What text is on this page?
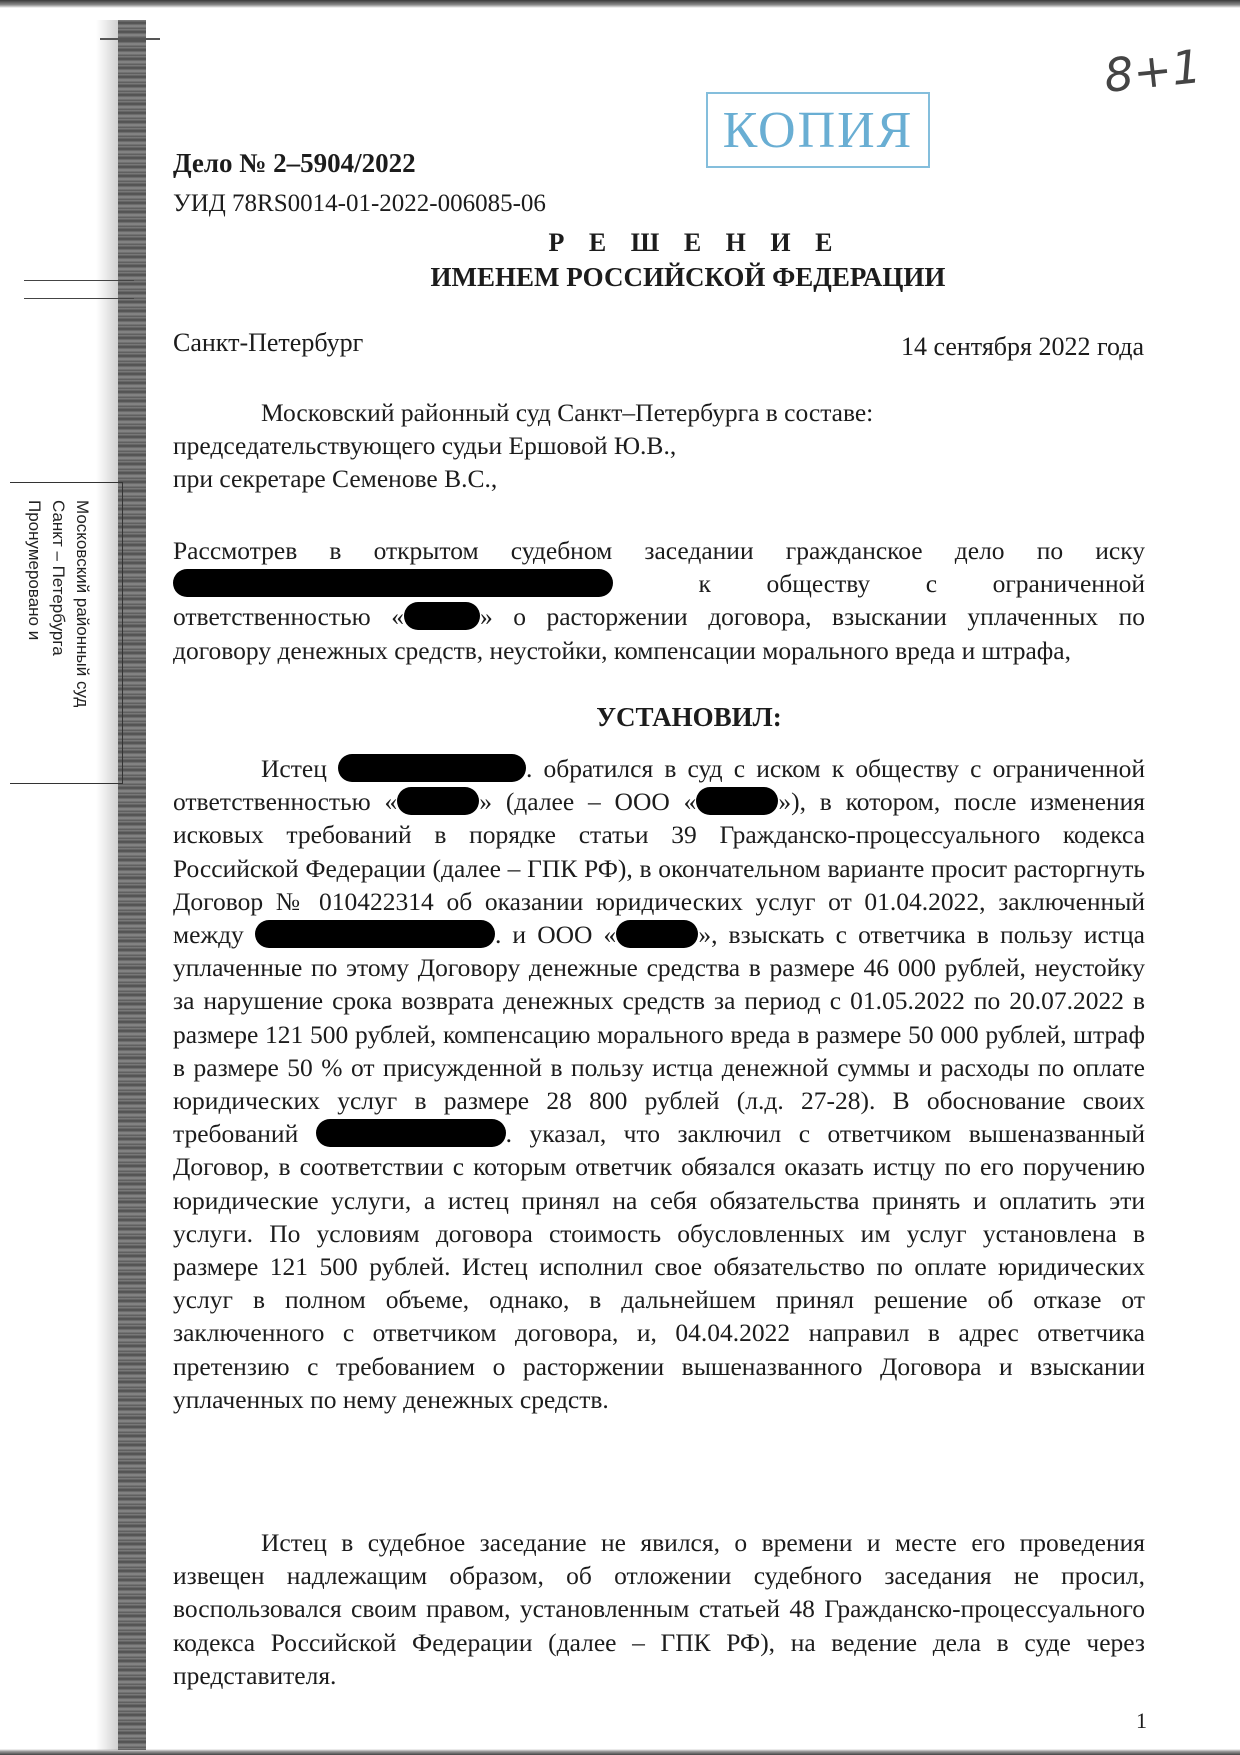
Московский районный суд
Санкт – Петербурга
Пронумеровано и
КОПИЯ
8+1
Дело № 2–5904/2022
УИД 78RS0014-01-2022-006085-06
Р Е Ш Е Н И Е
ИМЕНЕМ РОССИЙСКОЙ ФЕДЕРАЦИИ
Санкт-Петербург	14 сентября 2022 года
Московский районный суд Санкт–Петербурга в составе:
председательствующего судьи Ершовой Ю.В.,
при секретаре Семенове В.С.,
Рассмотрев в открытом судебном заседании гражданское дело по иску  к обществу с ограниченной ответственностью «	» о расторжении договора, взыскании уплаченных по договору денежных средств, неустойки, компенсации морального вреда и штрафа,
УСТАНОВИЛ:
Истец	. обратился в суд с иском к обществу с ограниченной ответственностью «	» (далее – ООО «	»), в котором, после изменения исковых требований в порядке статьи 39 Гражданско-процессуального кодекса Российской Федерации (далее – ГПК РФ), в окончательном варианте просит расторгнуть Договор № 010422314 об оказании юридических услуг от 01.04.2022, заключенный между	. и ООО «	», взыскать с ответчика в пользу истца уплаченные по этому Договору денежные средства в размере 46 000 рублей, неустойку за нарушение срока возврата денежных средств за период с 01.05.2022 по 20.07.2022 в размере 121 500 рублей, компенсацию морального вреда в размере 50 000 рублей, штраф в размере 50 % от присужденной в пользу истца денежной суммы и расходы по оплате юридических услуг в размере 28 800 рублей (л.д. 27-28). В обоснование своих требований	. указал, что заключил с ответчиком вышеназванный Договор, в соответствии с которым ответчик обязался оказать истцу по его поручению юридические услуги, а истец принял на себя обязательства принять и оплатить эти услуги. По условиям договора стоимость обусловленных им услуг установлена в размере 121 500 рублей. Истец исполнил свое обязательство по оплате юридических услуг в полном объеме, однако, в дальнейшем принял решение об отказе от заключенного с ответчиком договора, и, 04.04.2022 направил в адрес ответчика претензию с требованием о расторжении вышеназванного Договора и взыскании уплаченных по нему денежных средств.
Истец в судебное заседание не явился, о времени и месте его проведения извещен надлежащим образом, об отложении судебного заседания не просил, воспользовался своим правом, установленным статьей 48 Гражданско-процессуального кодекса Российской Федерации (далее – ГПК РФ), на ведение дела в суде через представителя.
1
